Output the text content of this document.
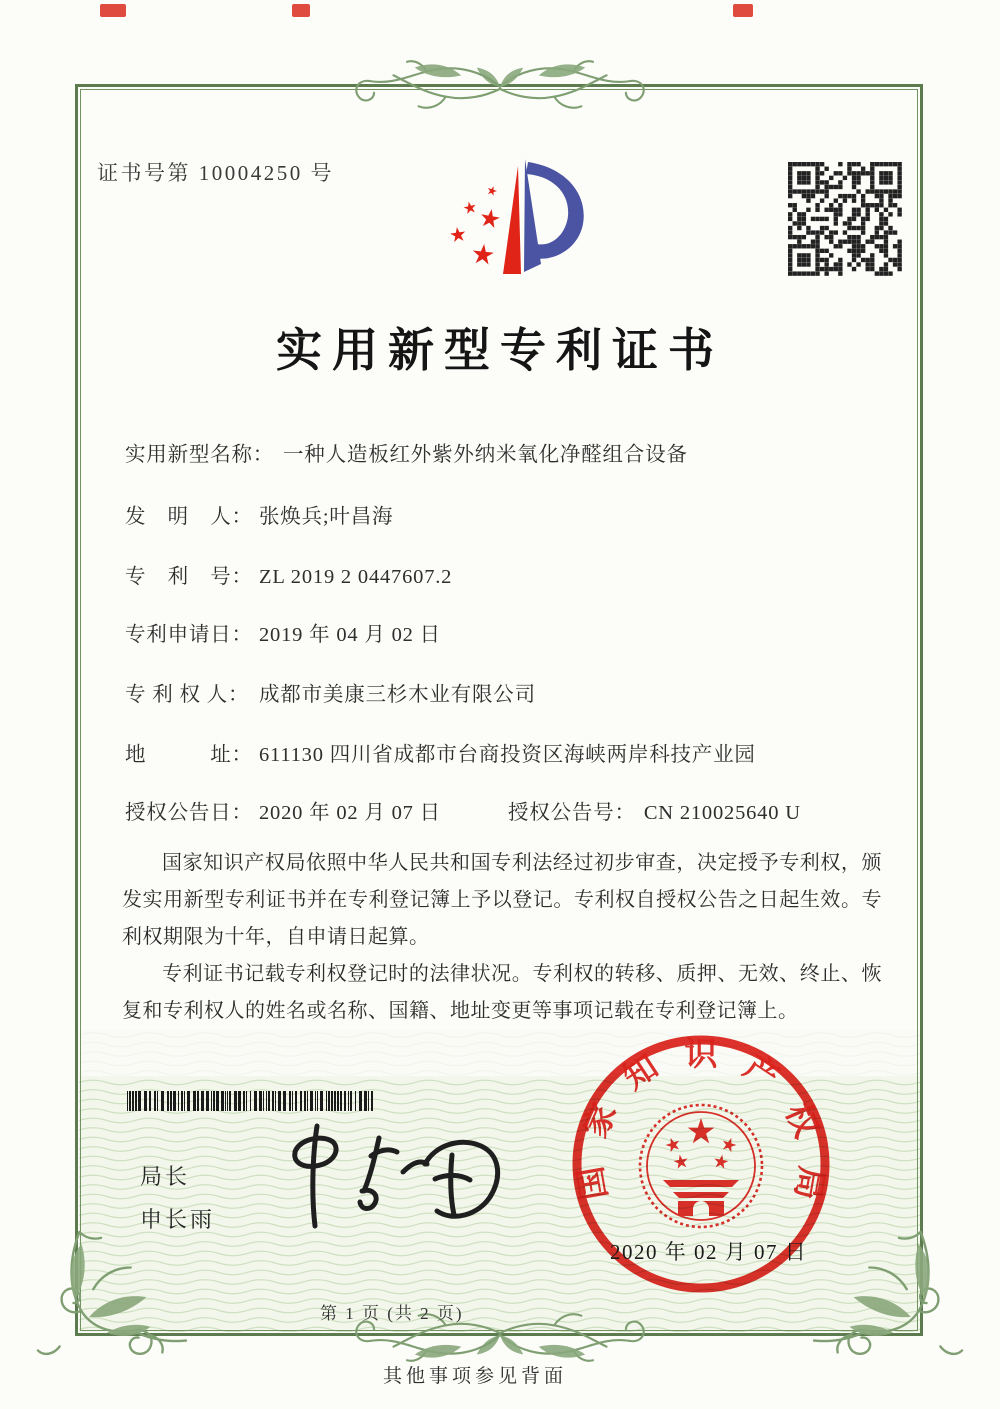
证书号第 10004250 号
实用新型专利证书
实用新型名称： 一种人造板红外紫外纳米氧化净醛组合设备
发　明　人： 张焕兵;叶昌海
专　利　号： ZL 2019 2 0447607.2
专利申请日： 2019 年 04 月 02 日
专 利 权 人： 成都市美康三杉木业有限公司
地　　　址： 611130 四川省成都市台商投资区海峡两岸科技产业园
授权公告日： 2020 年 02 月 07 日	授权公告号： CN 210025640 U

国家知识产权局依照中华人民共和国专利法经过初步审查，决定授予专利权，颁发实用新型专利证书并在专利登记簿上予以登记。专利权自授权公告之日起生效。专利权期限为十年，自申请日起算。

专利证书记载专利权登记时的法律状况。专利权的转移、质押、无效、终止、恢复和专利权人的姓名或名称、国籍、地址变更等事项记载在专利登记簿上。

局长
申长雨
国
家
知 识 产
权
局
2020 年 02 月 07 日
第 1 页 (共 2 页)
其他事项参见背面
